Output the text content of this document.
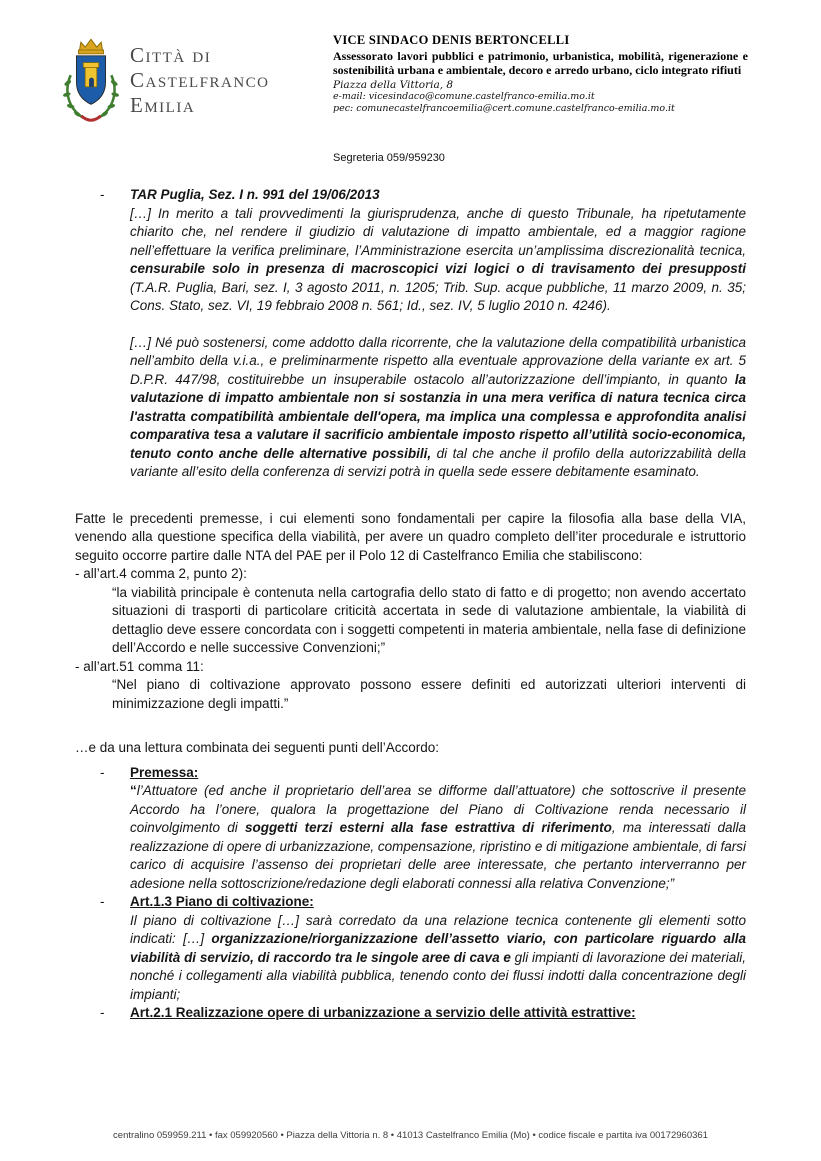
Città di
Castelfranco
Emilia
VICE SINDACO DENIS BERTONCELLI
Assessorato lavori pubblici e patrimonio, urbanistica, mobilità, rigenerazione e sostenibilità urbana e ambientale, decoro e arredo urbano, ciclo integrato rifiuti
Piazza della Vittoria, 8
e-mail: vicesindaco@comune.castelfranco-emilia.mo.it
pec: comunecastelfrancoemilia@cert.comune.castelfranco-emilia.mo.it
Segreteria 059/959230
-	TAR Puglia, Sez. I n. 991 del 19/06/2013

[…] In merito a tali provvedimenti la giurisprudenza, anche di questo Tribunale, ha ripetutamente chiarito che, nel rendere il giudizio di valutazione di impatto ambientale, ed a maggior ragione nell’effettuare la verifica preliminare, l’Amministrazione esercita un’amplissima discrezionalità tecnica, censurabile solo in presenza di macroscopici vizi logici o di travisamento dei presupposti (T.A.R. Puglia, Bari, sez. I, 3 agosto 2011, n. 1205; Trib. Sup. acque pubbliche, 11 marzo 2009, n. 35; Cons. Stato, sez. VI, 19 febbraio 2008 n. 561; Id., sez. IV, 5 luglio 2010 n. 4246).

[…] Né può sostenersi, come addotto dalla ricorrente, che la valutazione della compatibilità urbanistica nell’ambito della v.i.a., e preliminarmente rispetto alla eventuale approvazione della variante ex art. 5 D.P.R. 447/98, costituirebbe un insuperabile ostacolo all’autorizzazione dell’impianto, in quanto la valutazione di impatto ambientale non si sostanzia in una mera verifica di natura tecnica circa l'astratta compatibilità ambientale dell'opera, ma implica una complessa e approfondita analisi comparativa tesa a valutare il sacrificio ambientale imposto rispetto all’utilità socio-economica, tenuto conto anche delle alternative possibili, di tal che anche il profilo della autorizzabilità della variante all’esito della conferenza di servizi potrà in quella sede essere debitamente esaminato.

Fatte le precedenti premesse, i cui elementi sono fondamentali per capire la filosofia alla base della VIA, venendo alla questione specifica della viabilità, per avere un quadro completo dell’iter procedurale e istruttorio seguito occorre partire dalle NTA del PAE per il Polo 12 di Castelfranco Emilia che stabiliscono:

- all’art.4 comma 2, punto 2):

“la viabilità principale è contenuta nella cartografia dello stato di fatto e di progetto; non avendo accertato situazioni di trasporti di particolare criticità accertata in sede di valutazione ambientale, la viabilità di dettaglio deve essere concordata con i soggetti competenti in materia ambientale, nella fase di definizione dell’Accordo e nelle successive Convenzioni;”

- all’art.51 comma 11:

“Nel piano di coltivazione approvato possono essere definiti ed autorizzati ulteriori interventi di minimizzazione degli impatti.”

…e da una lettura combinata dei seguenti punti dell’Accordo:

-	Premessa:

“l’Attuatore (ed anche il proprietario dell’area se difforme dall’attuatore) che sottoscrive il presente Accordo ha l’onere, qualora la progettazione del Piano di Coltivazione renda necessario il coinvolgimento di soggetti terzi esterni alla fase estrattiva di riferimento, ma interessati dalla realizzazione di opere di urbanizzazione, compensazione, ripristino e di mitigazione ambientale, di farsi carico di acquisire l’assenso dei proprietari delle aree interessate, che pertanto interverranno per adesione nella sottoscrizione/redazione degli elaborati connessi alla relativa Convenzione;”

-	Art.1.3 Piano di coltivazione:

Il piano di coltivazione […] sarà corredato da una relazione tecnica contenente gli elementi sotto indicati: […] organizzazione/riorganizzazione dell’assetto viario, con particolare riguardo alla viabilità di servizio, di raccordo tra le singole aree di cava e gli impianti di lavorazione dei materiali, nonché i collegamenti alla viabilità pubblica, tenendo conto dei flussi indotti dalla concentrazione degli impianti;

-	Art.2.1 Realizzazione opere di urbanizzazione a servizio delle attività estrattive:
centralino 059959.211 • fax 059920560 • Piazza della Vittoria n. 8 • 41013 Castelfranco Emilia (Mo) • codice fiscale e partita iva 00172960361
